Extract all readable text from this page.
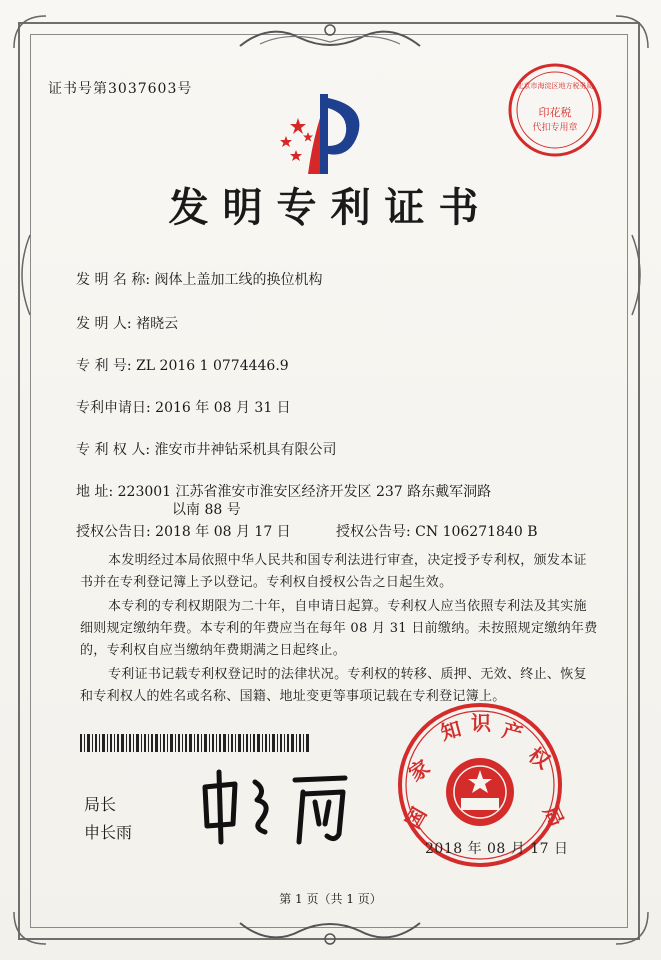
证书号第3037603号
印花税
代扣专用章
北京市海淀区地方税务局
发明专利证书
发 明 名 称: 阀体上盖加工线的换位机构
发 明 人: 褚晓云
专 利 号: ZL 2016 1 0774446.9
专利申请日: 2016 年 08 月 31 日
专 利 权 人: 淮安市井神钻采机具有限公司
地 址: 223001 江苏省淮安市淮安区经济开发区 237 路东戴军洞路
以南 88 号
授权公告日: 2018 年 08 月 17 日	授权公告号: CN 106271840 B
本发明经过本局依照中华人民共和国专利法进行审查，决定授予专利权，颁发本证书并在专利登记簿上予以登记。专利权自授权公告之日起生效。
本专利的专利权期限为二十年，自申请日起算。专利权人应当依照专利法及其实施细则规定缴纳年费。本专利的年费应当在每年 08 月 31 日前缴纳。未按照规定缴纳年费的，专利权自应当缴纳年费期满之日起终止。
专利证书记载专利权登记时的法律状况。专利权的转移、质押、无效、终止、恢复和专利权人的姓名或名称、国籍、地址变更等事项记载在专利登记簿上。
局长
申长雨	国
家
知 识 产
权
局
2018 年 08 月 17 日
第 1 页（共 1 页）
